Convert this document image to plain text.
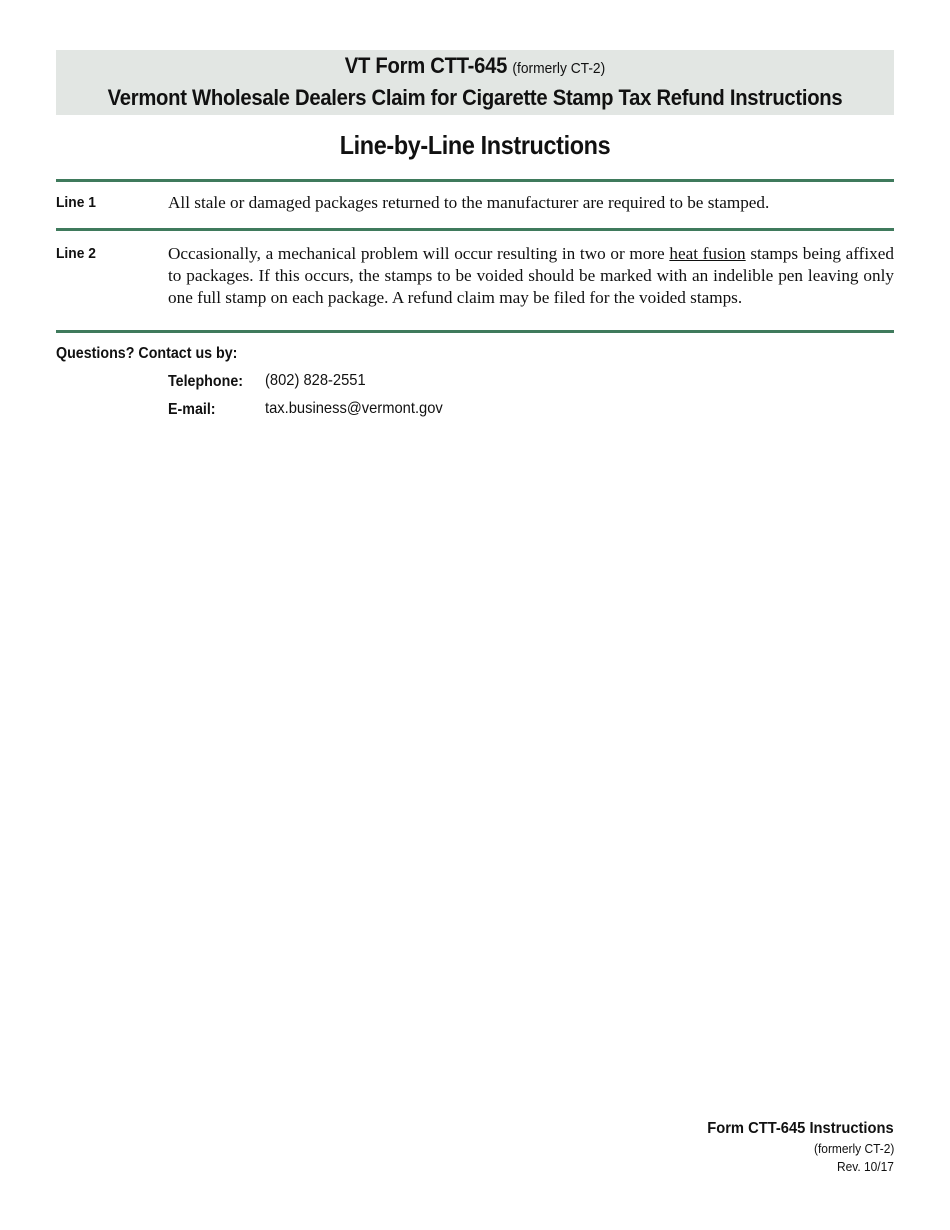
VT Form CTT-645 (formerly CT-2)
Vermont Wholesale Dealers Claim for Cigarette Stamp Tax Refund Instructions
Line-by-Line Instructions
Line 1	All stale or damaged packages returned to the manufacturer are required to be stamped.
Line 2	Occasionally, a mechanical problem will occur resulting in two or more heat fusion stamps being affixed to packages. If this occurs, the stamps to be voided should be marked with an indelible pen leaving only one full stamp on each package. A refund claim may be filed for the voided stamps.
Questions? Contact us by:
Telephone: (802) 828-2551
E-mail:	tax.business@vermont.gov
Form CTT-645 Instructions
(formerly CT-2)
Rev. 10/17
